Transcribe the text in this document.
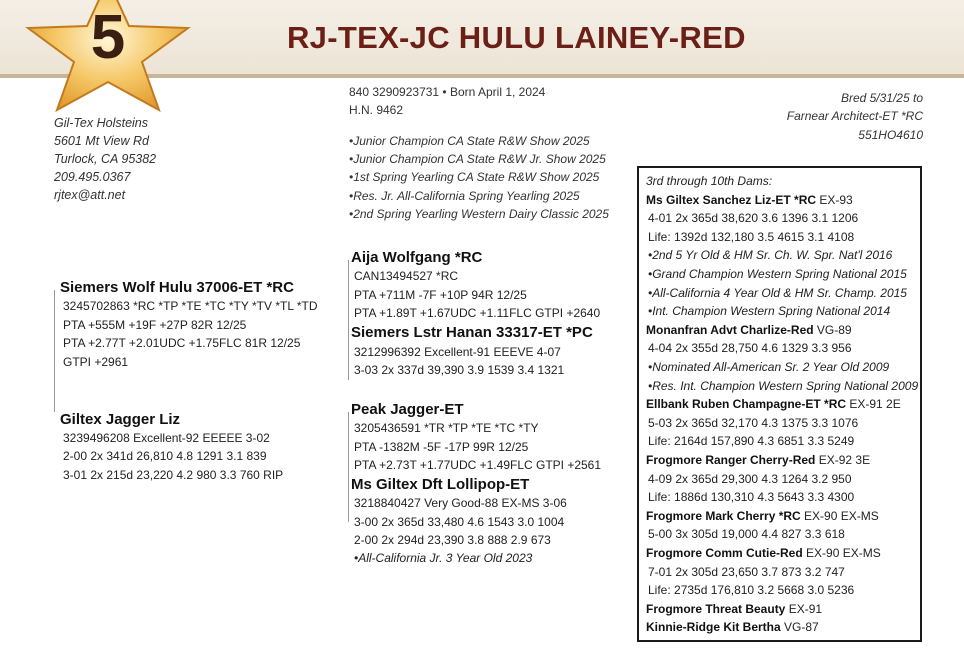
5	RJ-TEX-JC HULU LAINEY-RED
Gil-Tex Holsteins
5601 Mt View Rd
Turlock, CA 95382
209.495.0367
rjtex@att.net
840 3290923731 • Born April 1, 2024
H.N. 9462
•Junior Champion CA State R&W Show 2025
•Junior Champion CA State R&W Jr. Show 2025
•1st Spring Yearling CA State R&W Show 2025
•Res. Jr. All-California Spring Yearling 2025
•2nd Spring Yearling Western Dairy Classic 2025
Bred 5/31/25 to
Farnear Architect-ET *RC
551HO4610
Siemers Wolf Hulu 37006-ET *RC
3245702863 *RC *TP *TE *TC *TY *TV *TL *TD
PTA +555M +19F +27P 82R 12/25
PTA +2.77T +2.01UDC +1.75FLC 81R 12/25
GTPI +2961
Giltex Jagger Liz
3239496208 Excellent-92 EEEEE 3-02
2-00 2x 341d 26,810 4.8 1291 3.1 839
3-01 2x 215d 23,220 4.2 980 3.3 760 RIP
Aija Wolfgang *RC
CAN13494527 *RC
PTA +711M -7F +10P 94R 12/25
PTA +1.89T +1.67UDC +1.11FLC GTPI +2640
Siemers Lstr Hanan 33317-ET *PC
3212996392 Excellent-91 EEEVE 4-07
3-03 2x 337d 39,390 3.9 1539 3.4 1321
Peak Jagger-ET
3205436591 *TR *TP *TE *TC *TY
PTA -1382M -5F -17P 99R 12/25
PTA +2.73T +1.77UDC +1.49FLC GTPI +2561
Ms Giltex Dft Lollipop-ET
3218840427 Very Good-88 EX-MS 3-06
3-00 2x 365d 33,480 4.6 1543 3.0 1004
2-00 2x 294d 23,390 3.8 888 2.9 673
•All-California Jr. 3 Year Old 2023
3rd through 10th Dams:
Ms Giltex Sanchez Liz-ET *RC EX-93
4-01 2x 365d 38,620 3.6 1396 3.1 1206
Life: 1392d 132,180 3.5 4615 3.1 4108
•2nd 5 Yr Old & HM Sr. Ch. W. Spr. Nat'l 2016
•Grand Champion Western Spring National 2015
•All-California 4 Year Old & HM Sr. Champ. 2015
•Int. Champion Western Spring National 2014
Monanfran Advt Charlize-Red VG-89
4-04 2x 355d 28,750 4.6 1329 3.3 956
•Nominated All-American Sr. 2 Year Old 2009
•Res. Int. Champion Western Spring National 2009
Ellbank Ruben Champagne-ET *RC EX-91 2E
5-03 2x 365d 32,170 4.3 1375 3.3 1076
Life: 2164d 157,890 4.3 6851 3.3 5249
Frogmore Ranger Cherry-Red EX-92 3E
4-09 2x 365d 29,300 4.3 1264 3.2 950
Life: 1886d 130,310 4.3 5643 3.3 4300
Frogmore Mark Cherry *RC EX-90 EX-MS
5-00 3x 305d 19,000 4.4 827 3.3 618
Frogmore Comm Cutie-Red EX-90 EX-MS
7-01 2x 305d 23,650 3.7 873 3.2 747
Life: 2735d 176,810 3.2 5668 3.0 5236
Frogmore Threat Beauty EX-91
Kinnie-Ridge Kit Bertha VG-87
